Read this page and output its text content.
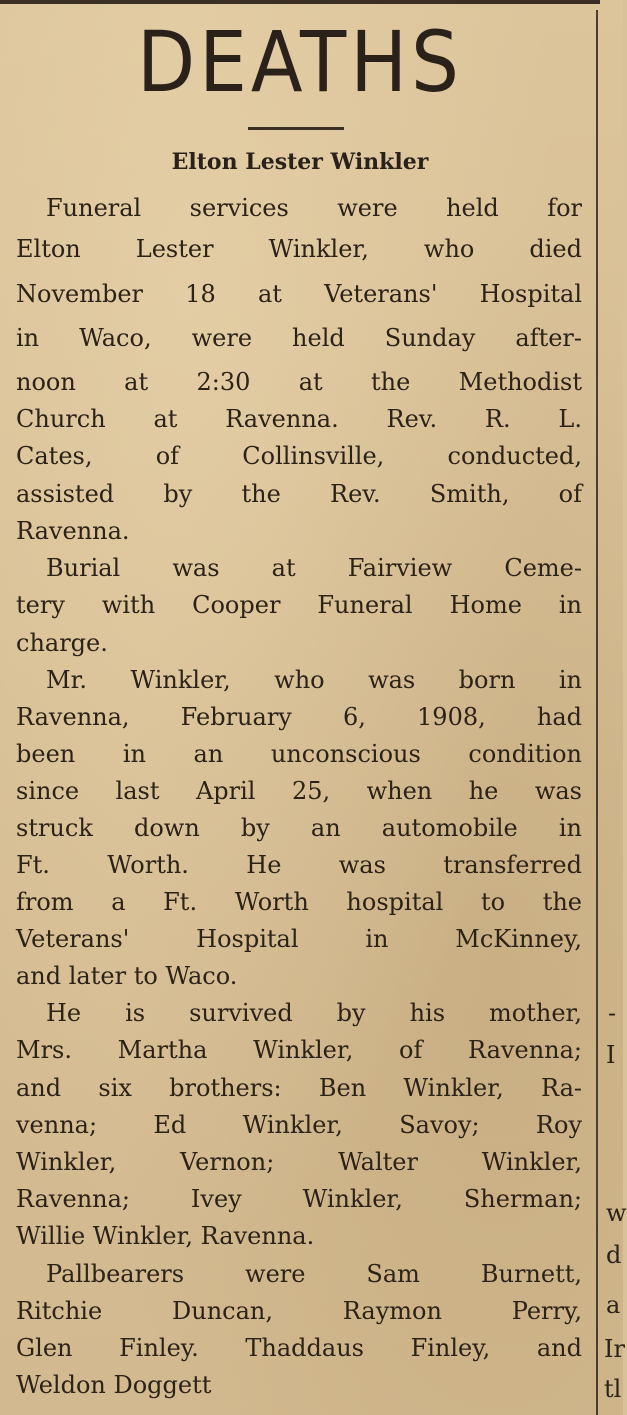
DEATHS
Elton Lester Winkler
Funeral services were held for
Elton Lester Winkler, who died
November 18 at Veterans' Hospital
in Waco, were held Sunday after-
noon at 2:30 at the Methodist
Church at Ravenna. Rev. R. L.
Cates, of Collinsville, conducted,
assisted by the Rev. Smith, of
Ravenna.
Burial was at Fairview Ceme-
tery with Cooper Funeral Home in
charge.
Mr. Winkler, who was born in
Ravenna, February 6, 1908, had
been in an unconscious condition
since last April 25, when he was
struck down by an automobile in
Ft. Worth. He was transferred
from a Ft. Worth hospital to the
Veterans' Hospital in McKinney,
and later to Waco.
He is survived by his mother,
Mrs. Martha Winkler, of Ravenna;
and six brothers: Ben Winkler, Ra-
venna; Ed Winkler, Savoy; Roy
Winkler, Vernon; Walter Winkler,
Ravenna; Ivey Winkler, Sherman;
Willie Winkler, Ravenna.
Pallbearers were Sam Burnett,
Ritchie Duncan, Raymon Perry,
Glen Finley. Thaddaus Finley, and
Weldon Doggett
-
I
w
d
a
Ir
tl
